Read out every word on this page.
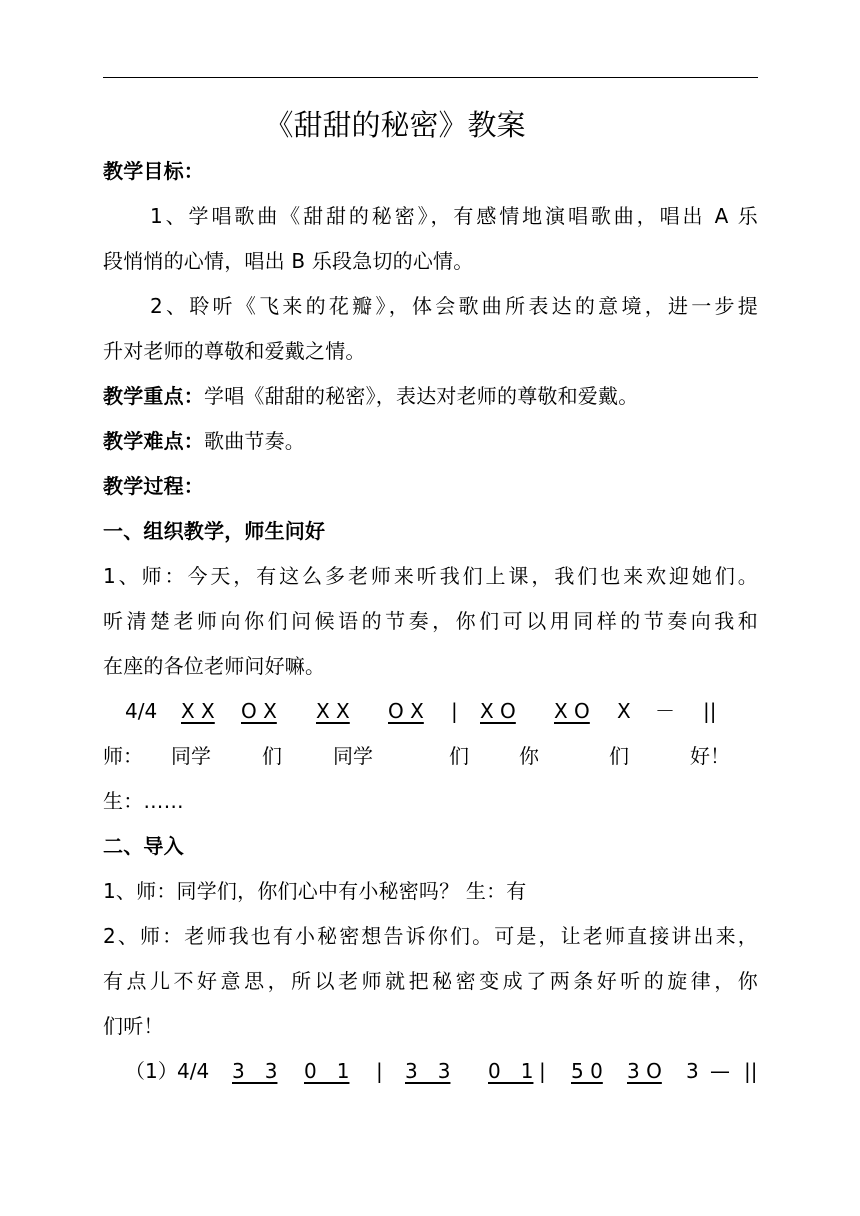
《甜甜的秘密》教案
教学目标：
1、学唱歌曲《甜甜的秘密》，有感情地演唱歌曲，唱出 A 乐
段悄悄的心情，唱出 B 乐段急切的心情。
2、聆听《飞来的花瓣》，体会歌曲所表达的意境，进一步提
升对老师的尊敬和爱戴之情。
教学重点：学唱《甜甜的秘密》，表达对老师的尊敬和爱戴。
教学难点：歌曲节奏。
教学过程：
一、组织教学，师生问好
1、师：今天，有这么多老师来听我们上课，我们也来欢迎她们。
听清楚老师向你们问候语的节奏，你们可以用同样的节奏向我和
在座的各位老师问好嘛。
4/4 X X O X X X O X | X O X O X － ||
师： 同学	们	同学	们	你	们	好！
生：……
二、导入
1、师：同学们，你们心中有小秘密吗？ 生：有
2、师：老师我也有小秘密想告诉你们。可是，让老师直接讲出来，
有点儿不好意思，所以老师就把秘密变成了两条好听的旋律，你
们听！
（1） 4/4 3　3 0　1 | 3　3 0　1 | 5 0 3 O 3 — ||
